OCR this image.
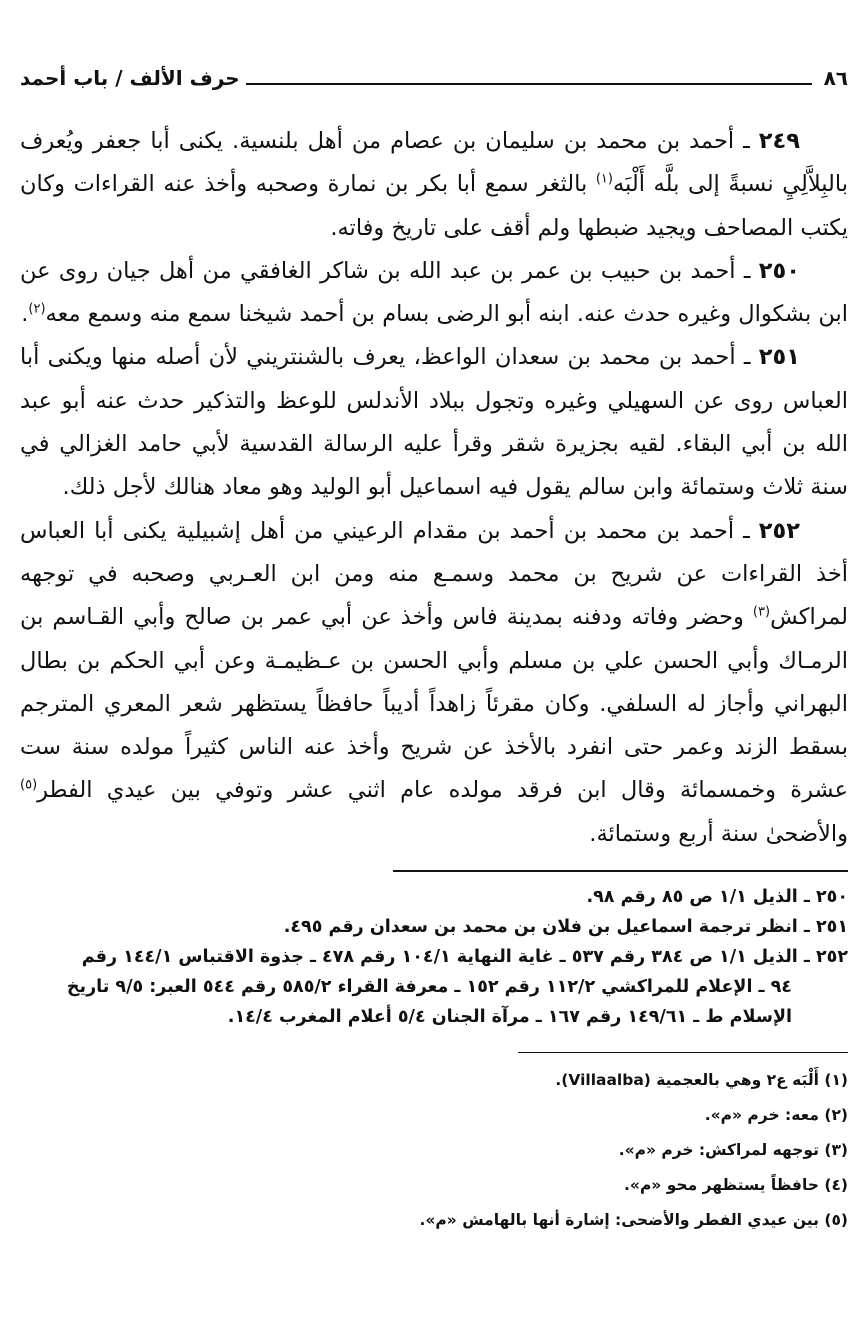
٨٦
حرف الألف / باب أحمد

٢٤٩ ـ أحمد بن محمد بن سليمان بن عصام من أهل بلنسية. يكنى أبا جعفر ويُعرف بالبِلاَّلِيِ نسبةً إلى بلَّه أَلْبَه$^{(١)}$ بالثغر سمع أبا بكر بن نمارة وصحبه وأخذ عنه القراءات وكان يكتب المصاحف ويجيد ضبطها ولم أقف على تاريخ وفاته.

٢٥٠ ـ أحمد بن حبيب بن عمر بن عبد الله بن شاكر الغافقي من أهل جيان روى عن ابن بشكوال وغيره حدث عنه. ابنه أبو الرضى بسام بن أحمد شيخنا سمع منه وسمع معه$^{(٢)}$.

٢٥١ ـ أحمد بن محمد بن سعدان الواعظ، يعرف بالشنتريني لأن أصله منها ويكنى أبا العباس روى عن السهيلي وغيره وتجول ببلاد الأندلس للوعظ والتذكير حدث عنه أبو عبد الله بن أبي البقاء. لقيه بجزيرة شقر وقرأ عليه الرسالة القدسية لأبي حامد الغزالي في سنة ثلاث وستمائة وابن سالم يقول فيه اسماعيل أبو الوليد وهو معاد هنالك لأجل ذلك.

٢٥٢ ـ أحمد بن محمد بن أحمد بن مقدام الرعيني من أهل إشبيلية يكنى أبا العباس أخذ القراءات عن شريح بن محمد وسمـع منه ومن ابن العـربي وصحبه في توجهه لمراكش$^{(٣)}$ وحضر وفاته ودفنه بمدينة فاس وأخذ عن أبي عمر بن صالح وأبي القـاسم بن الرمـاك وأبي الحسن علي بن مسلم وأبي الحسن بن عـظيمـة وعن أبي الحكم بن بطال البهراني وأجاز له السلفي. وكان مقرئاً زاهداً أديباً حافظاً يستظهر شعر المعري المترجم بسقط الزند وعمر حتى انفرد بالأخذ عن شريح وأخذ عنه الناس كثيراً مولده سنة ست عشرة وخمسمائة وقال ابن فرقد مولده عام اثني عشر وتوفي بين عيدي الفطر$^{(٥)}$ والأضحىٰ سنة أربع وستمائة.

٢٥٠ ـ الذيل ١/١ ص ٨٥ رقم ٩٨.
٢٥١ ـ انظر ترجمة اسماعيل بن فلان بن محمد بن سعدان رقم ٤٩٥.
٢٥٢ ـ الذيل ١/١ ص ٣٨٤ رقم ٥٣٧ ـ غاية النهاية ١٠٤/١ رقم ٤٧٨ ـ جذوة الاقتباس ١٤٤/١ رقم
٩٤ ـ الإعلام للمراكشي ١١٢/٢ رقم ١٥٢ ـ معرفة القراء ٥٨٥/٢ رقم ٥٤٤ العبر: ٩/٥ تاريخ
الإسلام ط ـ ١٤٩/٦١ رقم ١٦٧ ـ مرآة الجنان ٥/٤ أعلام المغرب ١٤/٤.
(١) أَلْبَه ع٢ وهي بالعجمية (Villaalba).
(٢) معه: خرم «م».
(٣) توجهه لمراكش: خرم «م».
(٤) حافظاً يستظهر محو «م».
(٥) بين عيدي الفطر والأضحى: إشارة أنها بالهامش «م».
